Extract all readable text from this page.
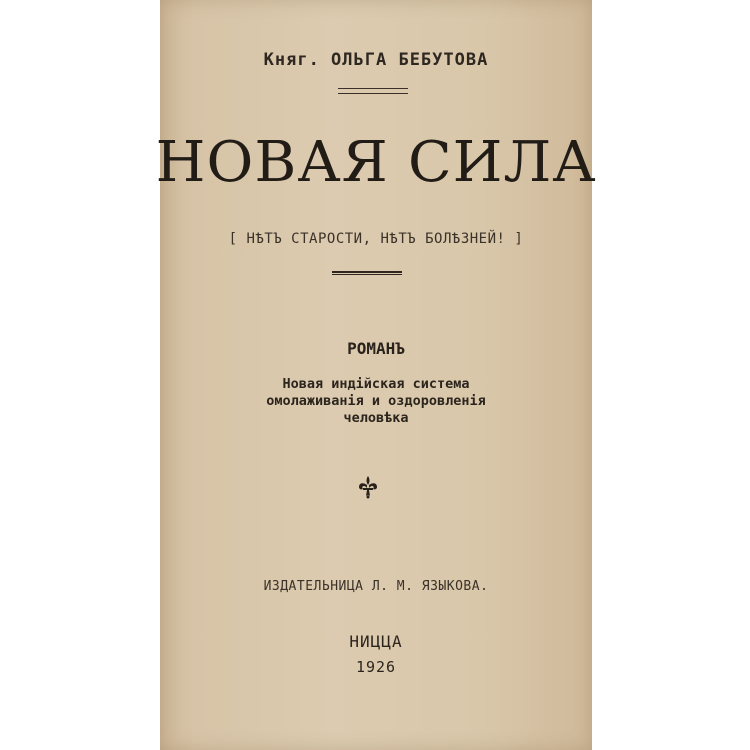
Княг. ОЛЬГА БЕБУТОВА
НОВАЯ СИЛА
[ НѢТЪ СТАРОСТИ, НѢТЪ БОЛѢЗНЕЙ! ]
РОМАНЪ
Новая индійская система
омолаживанія и оздоровленія
человѣка
ИЗДАТЕЛЬНИЦА Л. М. ЯЗЫКОВА.
НИЦЦА
1926
